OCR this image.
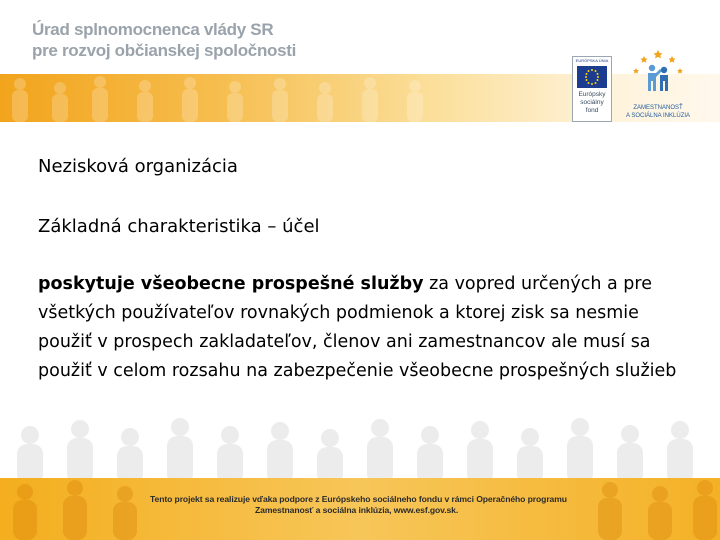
Úrad splnomocnenca vlády SR
pre rozvoj občianskej spoločnosti
EURÓPSKA ÚNIA
Európsky
sociálny
fond	ZAMESTNANOSŤ
A SOCIÁLNA INKLÚZIA
Nezisková organizácia
Základná charakteristika – účel
poskytuje všeobecne prospešné služby za vopred určených a pre všetkých používateľov rovnakých podmienok a ktorej zisk sa nesmie použiť v prospech zakladateľov, členov ani zamestnancov ale musí sa použiť v celom rozsahu na zabezpečenie všeobecne prospešných služieb
Tento projekt sa realizuje vďaka podpore z Európskeho sociálneho fondu v rámci Operačného programu
Zamestnanosť a sociálna inklúzia, www.esf.gov.sk.
